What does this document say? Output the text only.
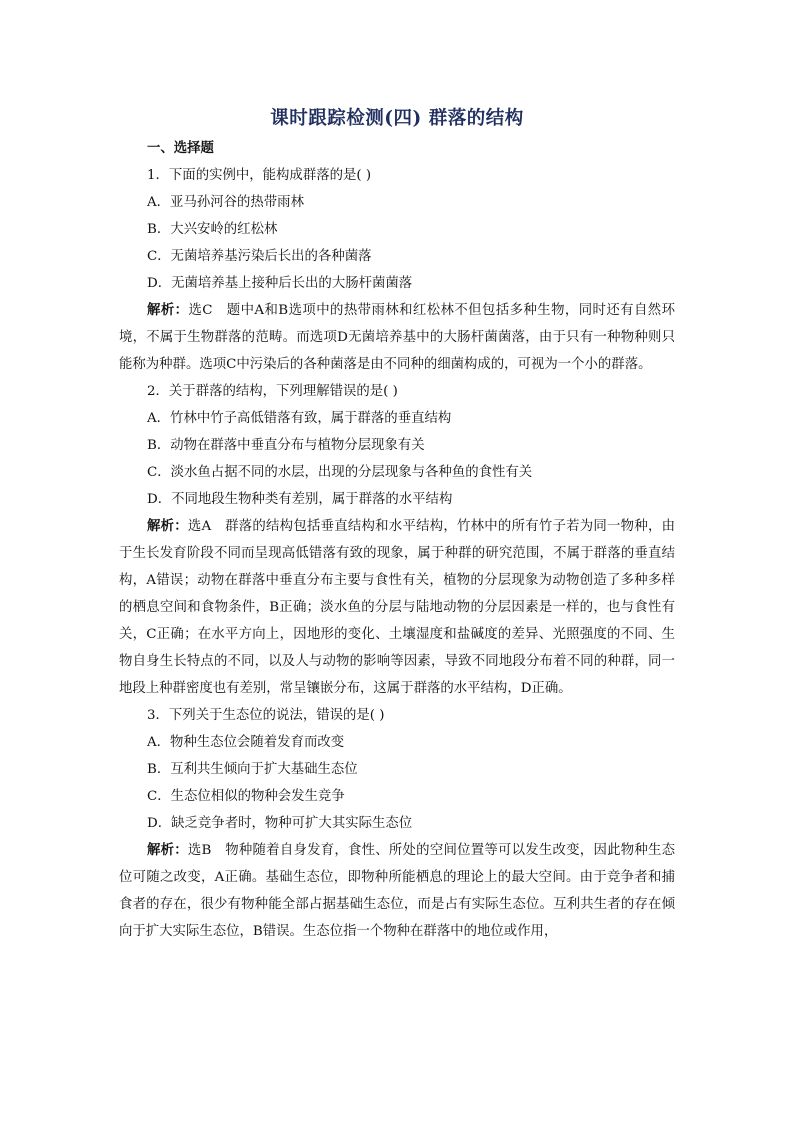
课时跟踪检测(四) 群落的结构
一、选择题
1．下面的实例中，能构成群落的是( )
A．亚马孙河谷的热带雨林
B．大兴安岭的红松林
C．无菌培养基污染后长出的各种菌落
D．无菌培养基上接种后长出的大肠杆菌菌落
解析：选C　题中A和B选项中的热带雨林和红松林不但包括多种生物，同时还有自然环境，不属于生物群落的范畴。而选项D无菌培养基中的大肠杆菌菌落，由于只有一种物种则只能称为种群。选项C中污染后的各种菌落是由不同种的细菌构成的，可视为一个小的群落。
2．关于群落的结构，下列理解错误的是( )
A．竹林中竹子高低错落有致，属于群落的垂直结构
B．动物在群落中垂直分布与植物分层现象有关
C．淡水鱼占据不同的水层，出现的分层现象与各种鱼的食性有关
D．不同地段生物种类有差别，属于群落的水平结构
解析：选A　群落的结构包括垂直结构和水平结构，竹林中的所有竹子若为同一物种，由于生长发育阶段不同而呈现高低错落有致的现象，属于种群的研究范围，不属于群落的垂直结构，A错误；动物在群落中垂直分布主要与食性有关，植物的分层现象为动物创造了多种多样的栖息空间和食物条件，B正确；淡水鱼的分层与陆地动物的分层因素是一样的，也与食性有关，C正确；在水平方向上，因地形的变化、土壤湿度和盐碱度的差异、光照强度的不同、生物自身生长特点的不同，以及人与动物的影响等因素，导致不同地段分布着不同的种群，同一地段上种群密度也有差别，常呈镶嵌分布，这属于群落的水平结构，D正确。
3．下列关于生态位的说法，错误的是( )
A．物种生态位会随着发育而改变
B．互利共生倾向于扩大基础生态位
C．生态位相似的物种会发生竞争
D．缺乏竞争者时，物种可扩大其实际生态位
解析：选B　物种随着自身发育，食性、所处的空间位置等可以发生改变，因此物种生态位可随之改变，A正确。基础生态位，即物种所能栖息的理论上的最大空间。由于竞争者和捕食者的存在，很少有物种能全部占据基础生态位，而是占有实际生态位。互利共生者的存在倾向于扩大实际生态位，B错误。生态位指一个物种在群落中的地位或作用，
